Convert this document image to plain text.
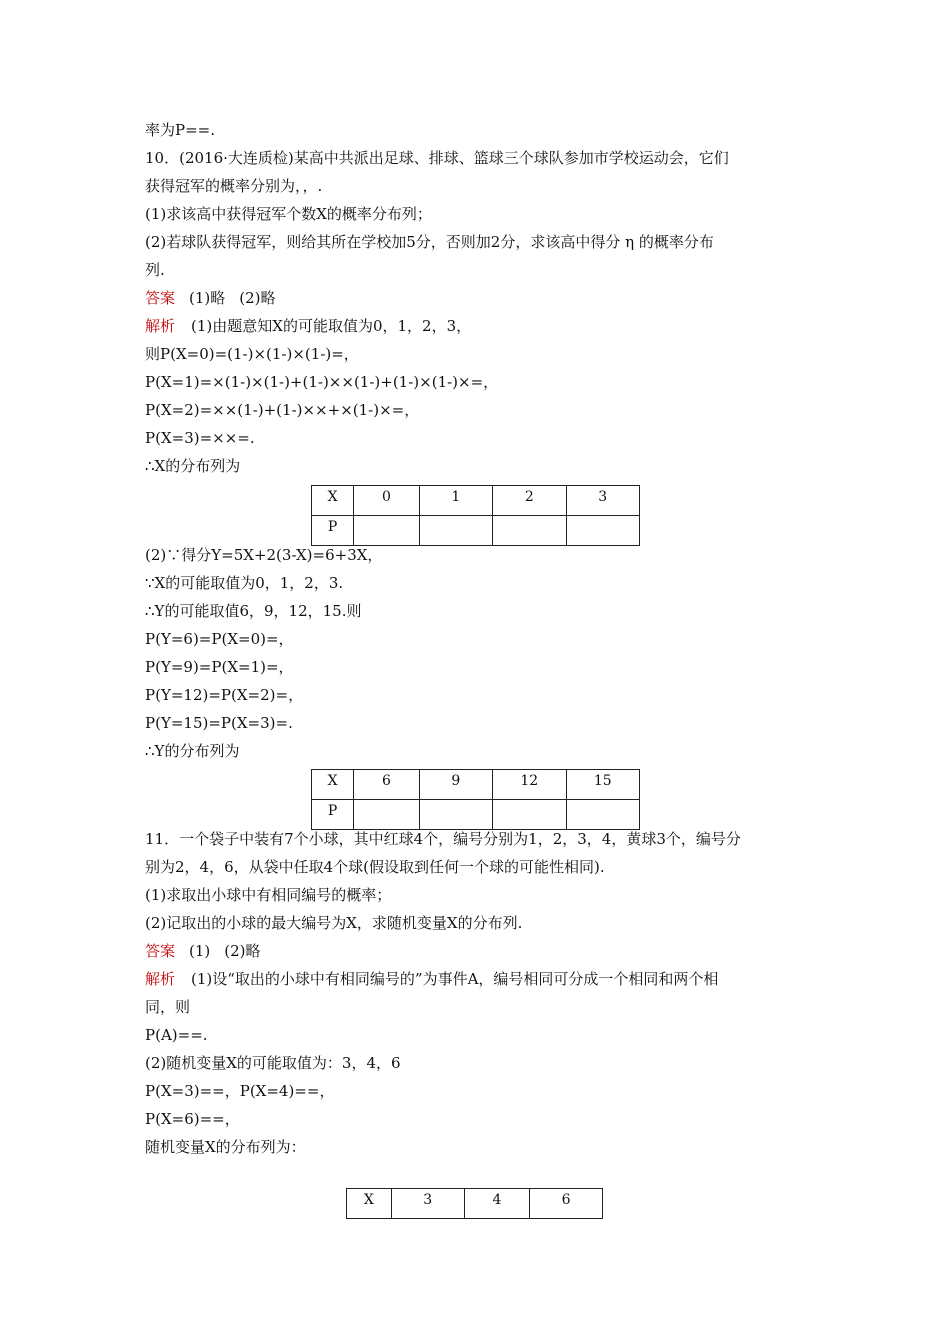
率为P==.
10．(2016·大连质检)某高中共派出足球、排球、篮球三个球队参加市学校运动会，它们
获得冠军的概率分别为，，.
(1)求该高中获得冠军个数X的概率分布列；
(2)若球队获得冠军，则给其所在学校加5分，否则加2分，求该高中得分 η 的概率分布
列.
答案 (1)略 (2)略
解析 (1)由题意知X的可能取值为0，1，2，3，
则P(X=0)=(1-)×(1-)×(1-)=，
P(X=1)=×(1-)×(1-)+(1-)××(1-)+(1-)×(1-)×=，
P(X=2)=××(1-)+(1-)××+×(1-)×=，
P(X=3)=××=.
∴X的分布列为
X	0	1	2	3
P				
(2)∵得分Y=5X+2(3-X)=6+3X，
∵X的可能取值为0，1，2，3.
∴Y的可能取值6，9，12，15.则
P(Y=6)=P(X=0)=，
P(Y=9)=P(X=1)=，
P(Y=12)=P(X=2)=，
P(Y=15)=P(X=3)=.
∴Y的分布列为
X	6	9	12	15
P				
11．一个袋子中装有7个小球，其中红球4个，编号分别为1，2，3，4，黄球3个，编号分
别为2，4，6，从袋中任取4个球(假设取到任何一个球的可能性相同).
(1)求取出小球中有相同编号的概率；
(2)记取出的小球的最大编号为X，求随机变量X的分布列.
答案 (1) (2)略
解析 (1)设“取出的小球中有相同编号的”为事件A，编号相同可分成一个相同和两个相
同，则
P(A)==.
(2)随机变量X的可能取值为：3，4，6
P(X=3)==，P(X=4)==，
P(X=6)==，
随机变量X的分布列为：
X	3	4	6
